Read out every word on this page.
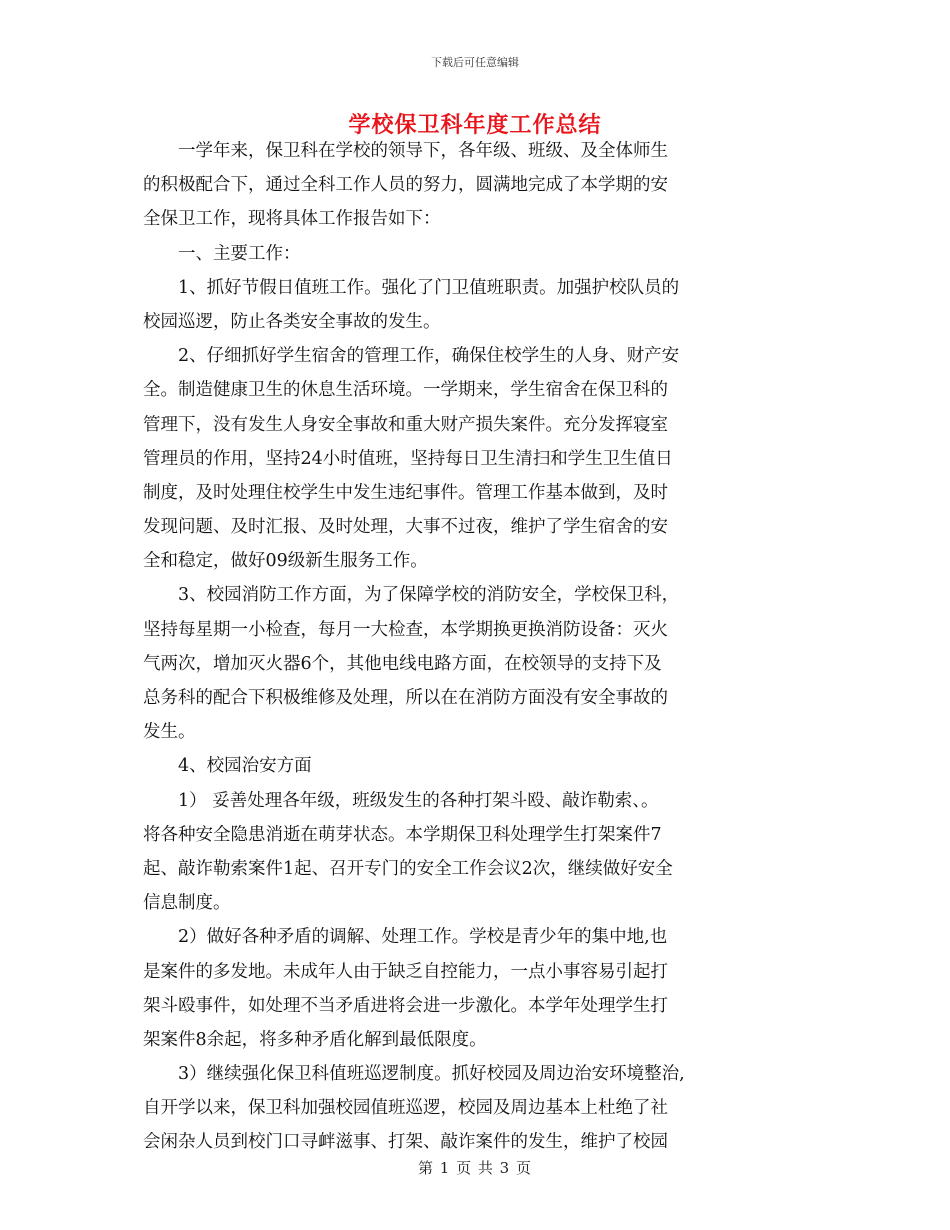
下载后可任意编辑
学校保卫科年度工作总结
一学年来，保卫科在学校的领导下，各年级、班级、及全体师生
的积极配合下，通过全科工作人员的努力，圆满地完成了本学期的安
全保卫工作，现将具体工作报告如下：
一、主要工作：
1、抓好节假日值班工作。强化了门卫值班职责。加强护校队员的
校园巡逻，防止各类安全事故的发生。
2、仔细抓好学生宿舍的管理工作，确保住校学生的人身、财产安
全。制造健康卫生的休息生活环境。一学期来，学生宿舍在保卫科的
管理下，没有发生人身安全事故和重大财产损失案件。充分发挥寝室
管理员的作用，坚持24小时值班，坚持每日卫生清扫和学生卫生值日
制度，及时处理住校学生中发生违纪事件。管理工作基本做到，及时
发现问题、及时汇报、及时处理，大事不过夜，维护了学生宿舍的安
全和稳定，做好09级新生服务工作。
3、校园消防工作方面，为了保障学校的消防安全，学校保卫科，
坚持每星期一小检查，每月一大检查，本学期换更换消防设备：灭火
气两次，增加灭火器6个，其他电线电路方面，在校领导的支持下及
总务科的配合下积极维修及处理，所以在在消防方面没有安全事故的
发生。
4、校园治安方面
1） 妥善处理各年级，班级发生的各种打架斗殴、敲诈勒索、。
将各种安全隐患消逝在萌芽状态。本学期保卫科处理学生打架案件7
起、敲诈勒索案件1起、召开专门的安全工作会议2次，继续做好安全
信息制度。
2）做好各种矛盾的调解、处理工作。学校是青少年的集中地,也
是案件的多发地。未成年人由于缺乏自控能力，一点小事容易引起打
架斗殴事件，如处理不当矛盾进将会进一步激化。本学年处理学生打
架案件8余起，将多种矛盾化解到最低限度。
3）继续强化保卫科值班巡逻制度。抓好校园及周边治安环境整治,
自开学以来，保卫科加强校园值班巡逻，校园及周边基本上杜绝了社
会闲杂人员到校门口寻衅滋事、打架、敲诈案件的发生，维护了校园
第 1 页 共 3 页
